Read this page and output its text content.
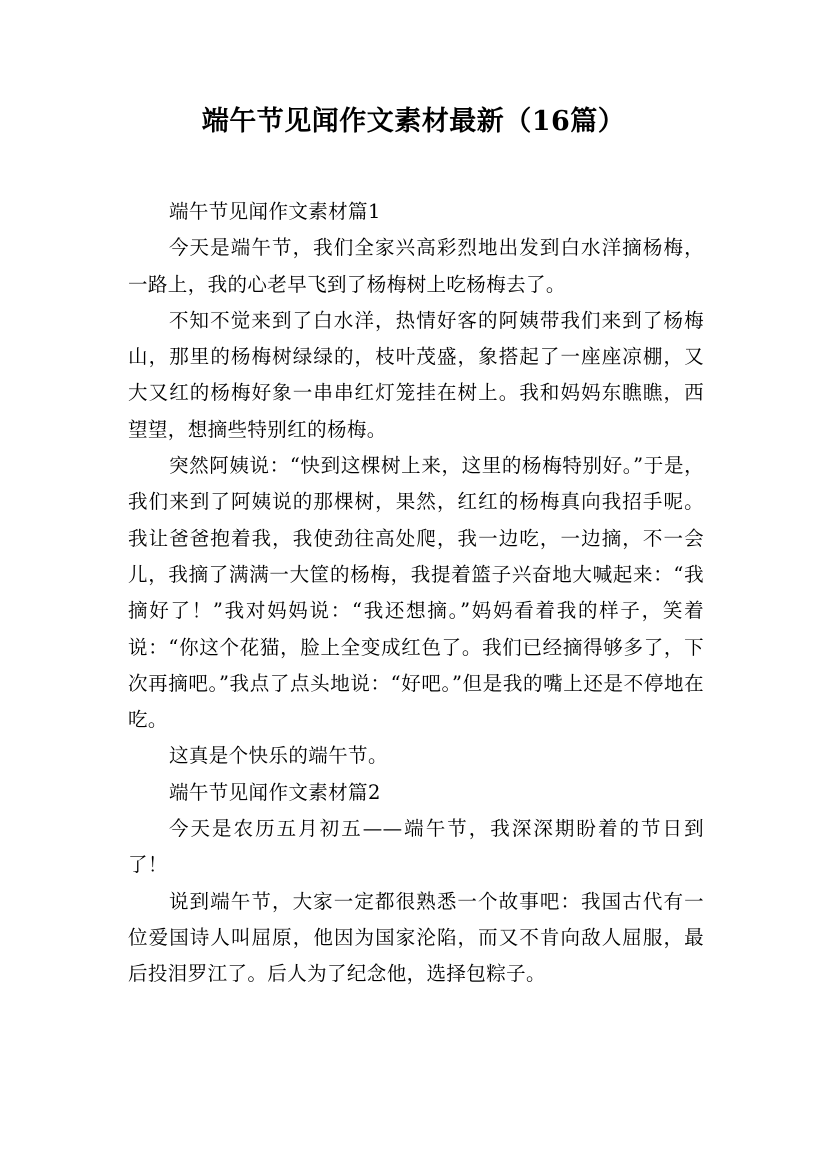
端午节见闻作文素材最新（16篇）

端午节见闻作文素材篇1

今天是端午节，我们全家兴高彩烈地出发到白水洋摘杨梅，一路上，我的心老早飞到了杨梅树上吃杨梅去了。

不知不觉来到了白水洋，热情好客的阿姨带我们来到了杨梅山，那里的杨梅树绿绿的，枝叶茂盛，象搭起了一座座凉棚，又大又红的杨梅好象一串串红灯笼挂在树上。我和妈妈东瞧瞧，西望望，想摘些特别红的杨梅。

突然阿姨说：“快到这棵树上来，这里的杨梅特别好。”于是，我们来到了阿姨说的那棵树，果然，红红的杨梅真向我招手呢。我让爸爸抱着我，我使劲往高处爬，我一边吃，一边摘，不一会儿，我摘了满满一大筐的杨梅，我提着篮子兴奋地大喊起来：“我摘好了！”我对妈妈说：“我还想摘。”妈妈看着我的样子，笑着说：“你这个花猫，脸上全变成红色了。我们已经摘得够多了，下次再摘吧。”我点了点头地说：“好吧。”但是我的嘴上还是不停地在吃。

这真是个快乐的端午节。

端午节见闻作文素材篇2

今天是农历五月初五——端午节，我深深期盼着的节日到了！

说到端午节，大家一定都很熟悉一个故事吧：我国古代有一位爱国诗人叫屈原，他因为国家沦陷，而又不肯向敌人屈服，最后投泪罗江了。后人为了纪念他，选择包粽子。
